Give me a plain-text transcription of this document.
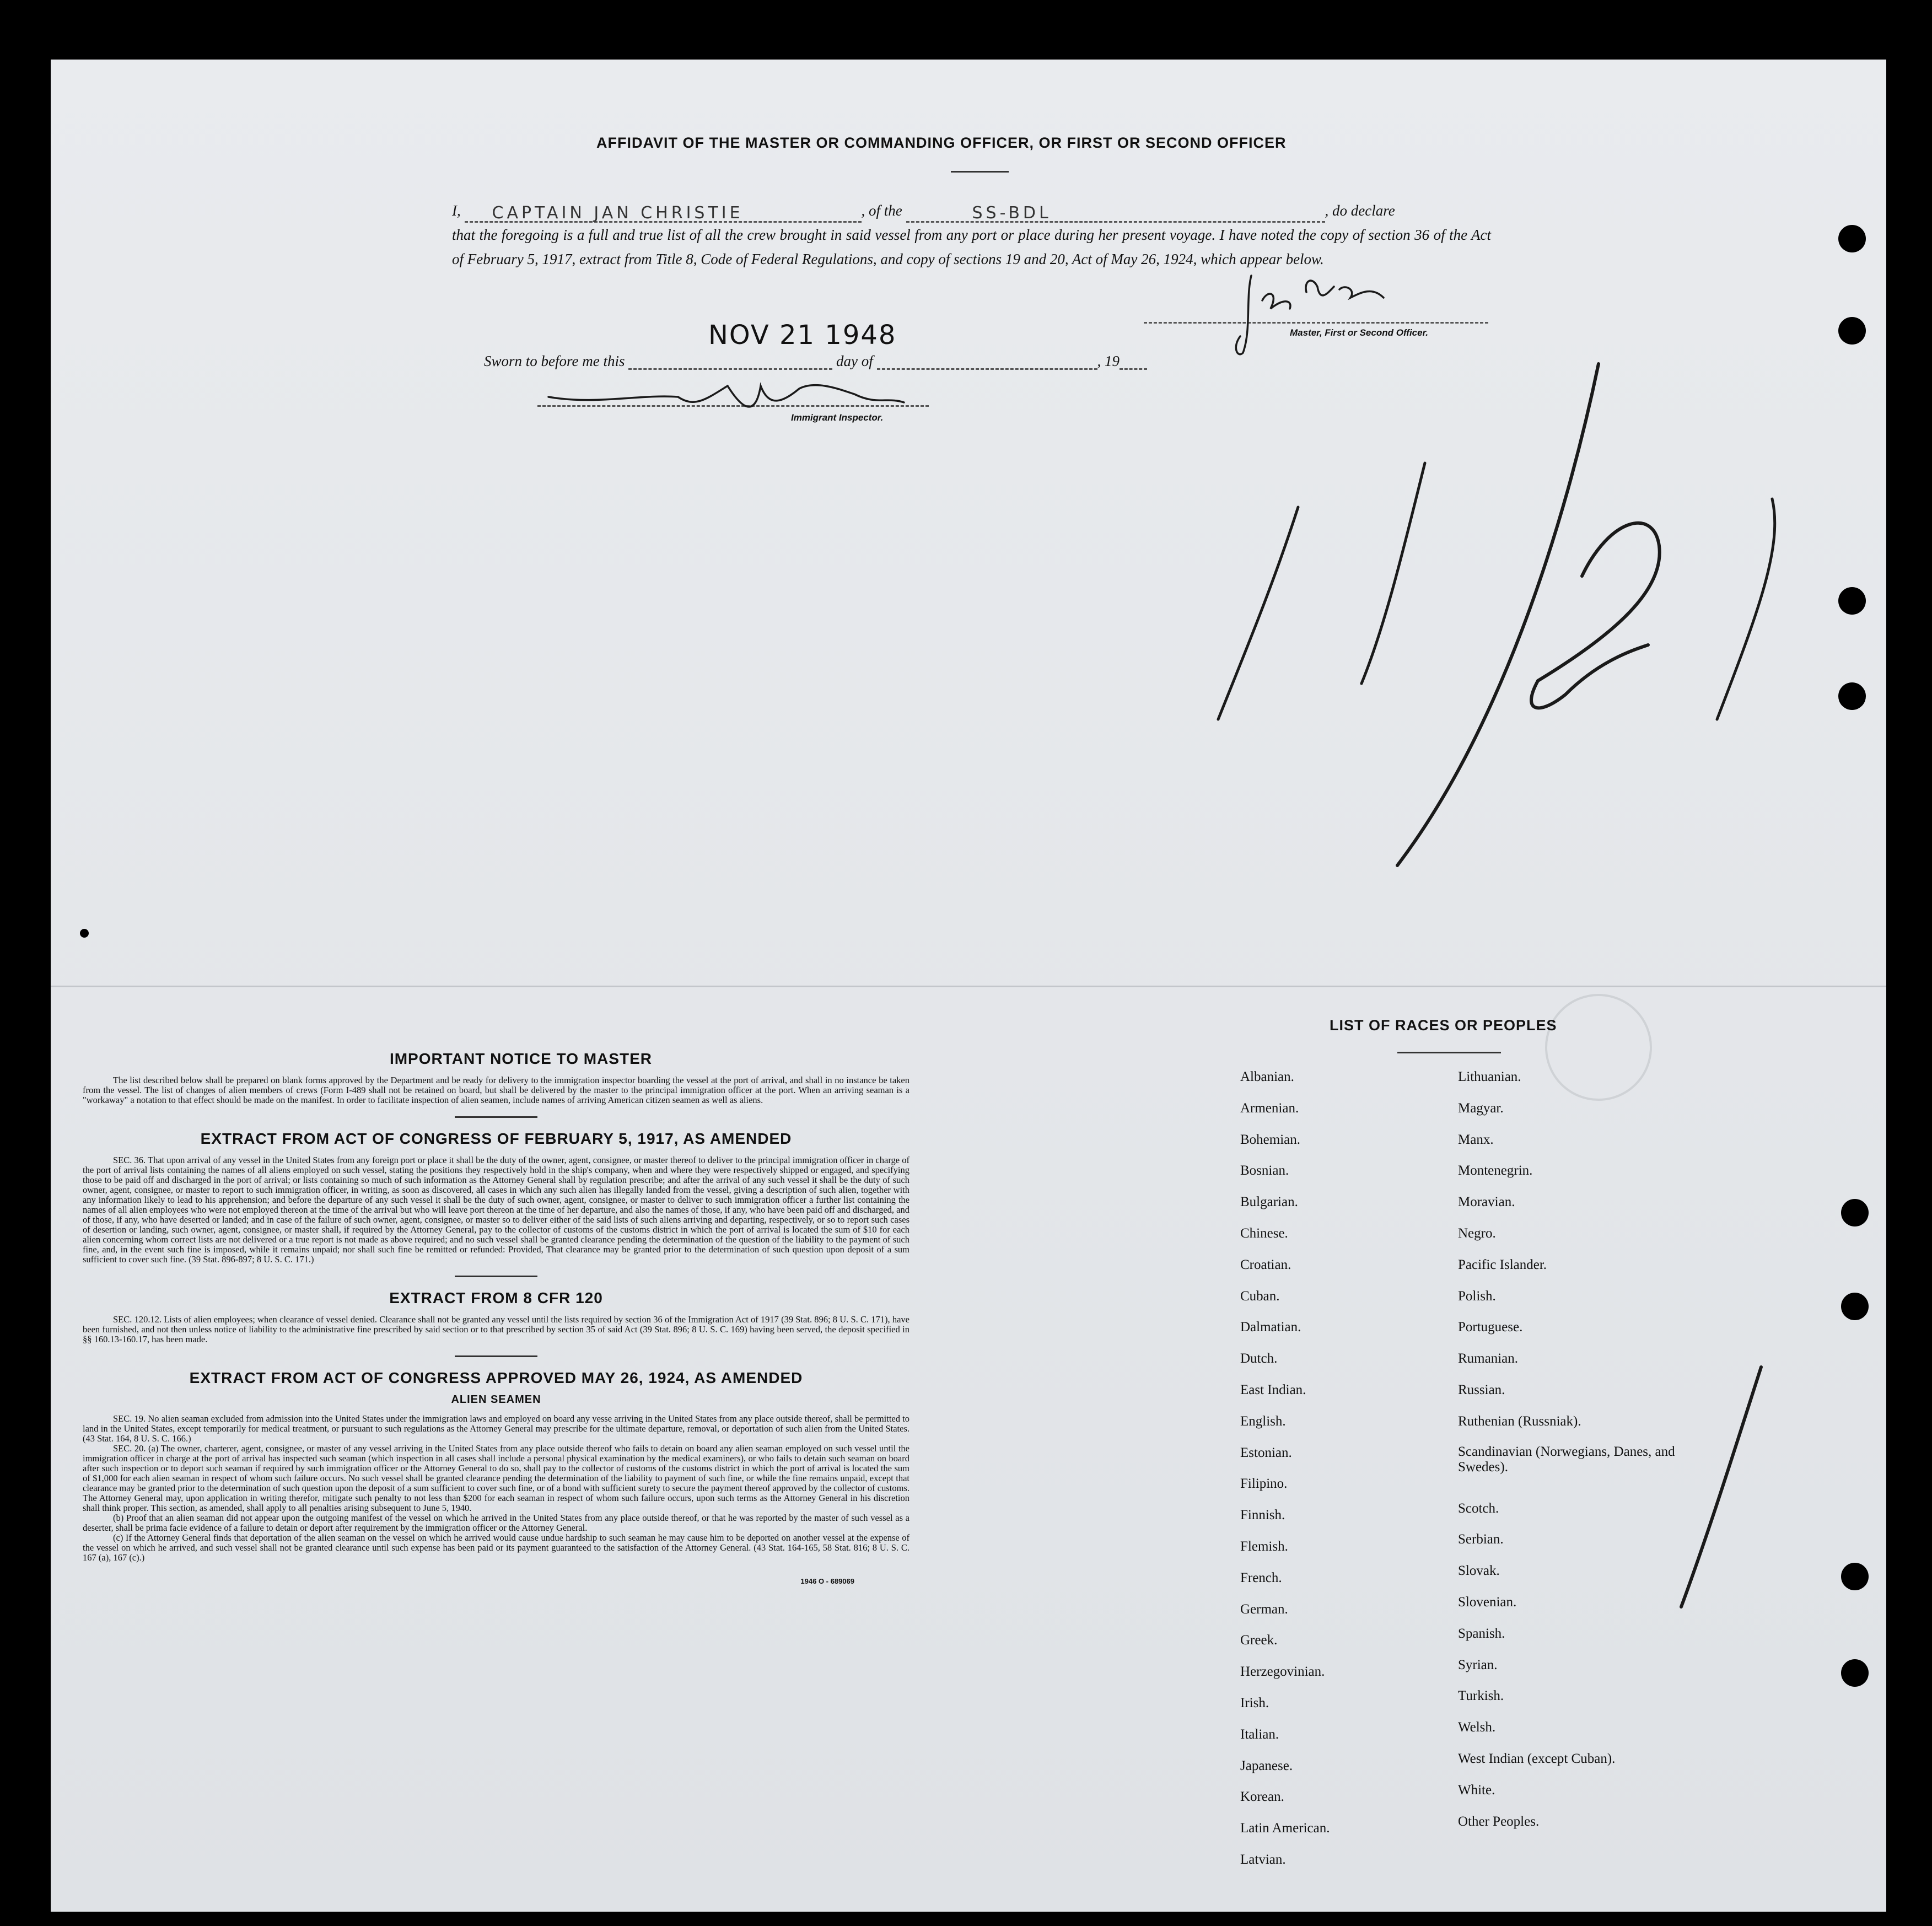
AFFIDAVIT OF THE MASTER OR COMMANDING OFFICER, OR FIRST OR SECOND OFFICER
I, CAPTAIN JAN CHRISTIE	, of the	SS-BDL	, do declare
that the foregoing is a full and true list of all the crew brought in said vessel from any port or place during her present voyage. I have noted the copy of section 36 of the Act of February 5, 1917, extract from Title 8, Code of Federal Regulations, and copy of sections 19 and 20, Act of May 26, 1924, which appear below.
Master, First or Second Officer.
NOV 21 1948
Sworn to before me this	day of	, 19
Immigrant Inspector.
IMPORTANT NOTICE TO MASTER
The list described below shall be prepared on blank forms approved by the Department and be ready for delivery to the immigration inspector boarding the vessel at the port of arrival, and shall in no instance be taken from the vessel. The list of changes of alien members of crews (Form I-489 shall not be retained on board, but shall be delivered by the master to the principal immigration officer at the port. When an arriving seaman is a "workaway" a notation to that effect should be made on the manifest. In order to facilitate inspection of alien seamen, include names of arriving American citizen seamen as well as aliens.
EXTRACT FROM ACT OF CONGRESS OF FEBRUARY 5, 1917, AS AMENDED
SEC. 36. That upon arrival of any vessel in the United States from any foreign port or place it shall be the duty of the owner, agent, consignee, or master thereof to deliver to the principal immigration officer in charge of the port of arrival lists containing the names of all aliens employed on such vessel, stating the positions they respectively hold in the ship's company, when and where they were respectively shipped or engaged, and specifying those to be paid off and discharged in the port of arrival; or lists containing so much of such information as the Attorney General shall by regulation prescribe; and after the arrival of any such vessel it shall be the duty of such owner, agent, consignee, or master to report to such immigration officer, in writing, as soon as discovered, all cases in which any such alien has illegally landed from the vessel, giving a description of such alien, together with any information likely to lead to his apprehension; and before the departure of any such vessel it shall be the duty of such owner, agent, consignee, or master to deliver to such immigration officer a further list containing the names of all alien employees who were not employed thereon at the time of the arrival but who will leave port thereon at the time of her departure, and also the names of those, if any, who have been paid off and discharged, and of those, if any, who have deserted or landed; and in case of the failure of such owner, agent, consignee, or master so to deliver either of the said lists of such aliens arriving and departing, respectively, or so to report such cases of desertion or landing, such owner, agent, consignee, or master shall, if required by the Attorney General, pay to the collector of customs of the customs district in which the port of arrival is located the sum of $10 for each alien concerning whom correct lists are not delivered or a true report is not made as above required; and no such vessel shall be granted clearance pending the determination of the question of the liability to the payment of such fine, and, in the event such fine is imposed, while it remains unpaid; nor shall such fine be remitted or refunded: Provided, That clearance may be granted prior to the determination of such question upon deposit of a sum sufficient to cover such fine. (39 Stat. 896-897; 8 U. S. C. 171.)
EXTRACT FROM 8 CFR 120
SEC. 120.12. Lists of alien employees; when clearance of vessel denied. Clearance shall not be granted any vessel until the lists required by section 36 of the Immigration Act of 1917 (39 Stat. 896; 8 U. S. C. 171), have been furnished, and not then unless notice of liability to the administrative fine prescribed by said section or to that prescribed by section 35 of said Act (39 Stat. 896; 8 U. S. C. 169) having been served, the deposit specified in §§ 160.13-160.17, has been made.
EXTRACT FROM ACT OF CONGRESS APPROVED MAY 26, 1924, AS AMENDED
ALIEN SEAMEN
SEC. 19. No alien seaman excluded from admission into the United States under the immigration laws and employed on board any vesse arriving in the United States from any place outside thereof, shall be permitted to land in the United States, except temporarily for medical treatment, or pursuant to such regulations as the Attorney General may prescribe for the ultimate departure, removal, or deportation of such alien from the United States. (43 Stat. 164, 8 U. S. C. 166.)
SEC. 20. (a) The owner, charterer, agent, consignee, or master of any vessel arriving in the United States from any place outside thereof who fails to detain on board any alien seaman employed on such vessel until the immigration officer in charge at the port of arrival has inspected such seaman (which inspection in all cases shall include a personal physical examination by the medical examiners), or who fails to detain such seaman on board after such inspection or to deport such seaman if required by such immigration officer or the Attorney General to do so, shall pay to the collector of customs of the customs district in which the port of arrival is located the sum of $1,000 for each alien seaman in respect of whom such failure occurs. No such vessel shall be granted clearance pending the determination of the liability to payment of such fine, or while the fine remains unpaid, except that clearance may be granted prior to the determination of such question upon the deposit of a sum sufficient to cover such fine, or of a bond with sufficient surety to secure the payment thereof approved by the collector of customs. The Attorney General may, upon application in writing therefor, mitigate such penalty to not less than $200 for each seaman in respect of whom such failure occurs, upon such terms as the Attorney General in his discretion shall think proper. This section, as amended, shall apply to all penalties arising subsequent to June 5, 1940.
(b) Proof that an alien seaman did not appear upon the outgoing manifest of the vessel on which he arrived in the United States from any place outside thereof, or that he was reported by the master of such vessel as a deserter, shall be prima facie evidence of a failure to detain or deport after requirement by the immigration officer or the Attorney General.
(c) If the Attorney General finds that deportation of the alien seaman on the vessel on which he arrived would cause undue hardship to such seaman he may cause him to be deported on another vessel at the expense of the vessel on which he arrived, and such vessel shall not be granted clearance until such expense has been paid or its payment guaranteed to the satisfaction of the Attorney General. (43 Stat. 164-165, 58 Stat. 816; 8 U. S. C. 167 (a), 167 (c).)
1946 O - 689069
LIST OF RACES OR PEOPLES
Albanian.
Armenian.
Bohemian.
Bosnian.
Bulgarian.
Chinese.
Croatian.
Cuban.
Dalmatian.
Dutch.
East Indian.
English.
Estonian.
Filipino.
Finnish.
Flemish.
French.
German.
Greek.
Herzegovinian.
Irish.
Italian.
Japanese.
Korean.
Latin American.
Latvian.
Lithuanian.
Magyar.
Manx.
Montenegrin.
Moravian.
Negro.
Pacific Islander.
Polish.
Portuguese.
Rumanian.
Russian.
Ruthenian (Russniak).
Scandinavian (Norwegians, Danes, and Swedes).
Scotch.
Serbian.
Slovak.
Slovenian.
Spanish.
Syrian.
Turkish.
Welsh.
West Indian (except Cuban).
White.
Other Peoples.
